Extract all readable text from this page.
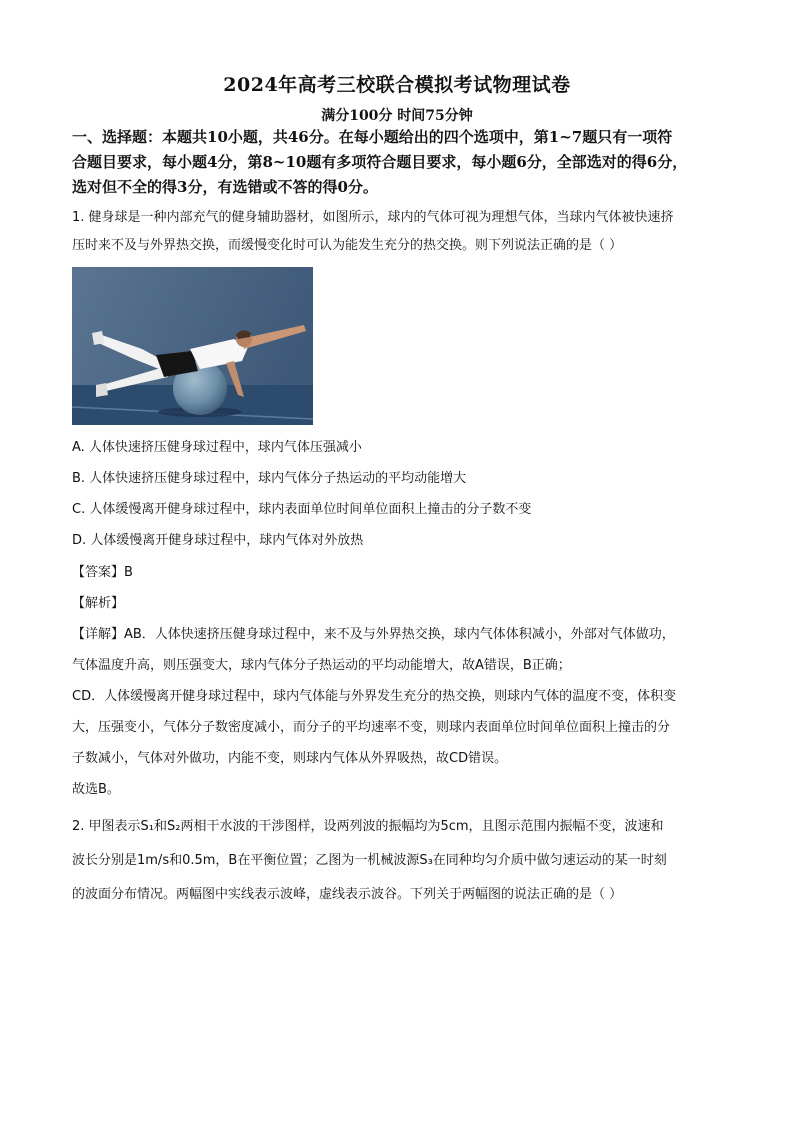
2024年高考三校联合模拟考试物理试卷
满分100分 时间75分钟

一、选择题：本题共10小题，共46分。在每小题给出的四个选项中，第1~7题只有一项符

合题目要求，每小题4分，第8~10题有多项符合题目要求，每小题6分，全部选对的得6分，

选对但不全的得3分，有选错或不答的得0分。

1. 健身球是一种内部充气的健身辅助器材，如图所示，球内的气体可视为理想气体，当球内气体被快速挤

压时来不及与外界热交换，而缓慢变化时可认为能发生充分的热交换。则下列说法正确的是（ ）

A. 人体快速挤压健身球过程中，球内气体压强减小

B. 人体快速挤压健身球过程中，球内气体分子热运动的平均动能增大

C. 人体缓慢离开健身球过程中，球内表面单位时间单位面积上撞击的分子数不变

D. 人体缓慢离开健身球过程中，球内气体对外放热

【答案】B

【解析】

【详解】AB．人体快速挤压健身球过程中，来不及与外界热交换，球内气体体积减小，外部对气体做功，

气体温度升高，则压强变大，球内气体分子热运动的平均动能增大，故A错误，B正确；

CD．人体缓慢离开健身球过程中，球内气体能与外界发生充分的热交换，则球内气体的温度不变，体积变

大，压强变小，气体分子数密度减小，而分子的平均速率不变，则球内表面单位时间单位面积上撞击的分

子数减小，气体对外做功，内能不变，则球内气体从外界吸热，故CD错误。

故选B。

2. 甲图表示S₁和S₂两相干水波的干涉图样，设两列波的振幅均为5cm，且图示范围内振幅不变，波速和

波长分别是1m/s和0.5m，B在平衡位置；乙图为一机械波源S₃在同种均匀介质中做匀速运动的某一时刻

的波面分布情况。两幅图中实线表示波峰，虚线表示波谷。下列关于两幅图的说法正确的是（ ）
